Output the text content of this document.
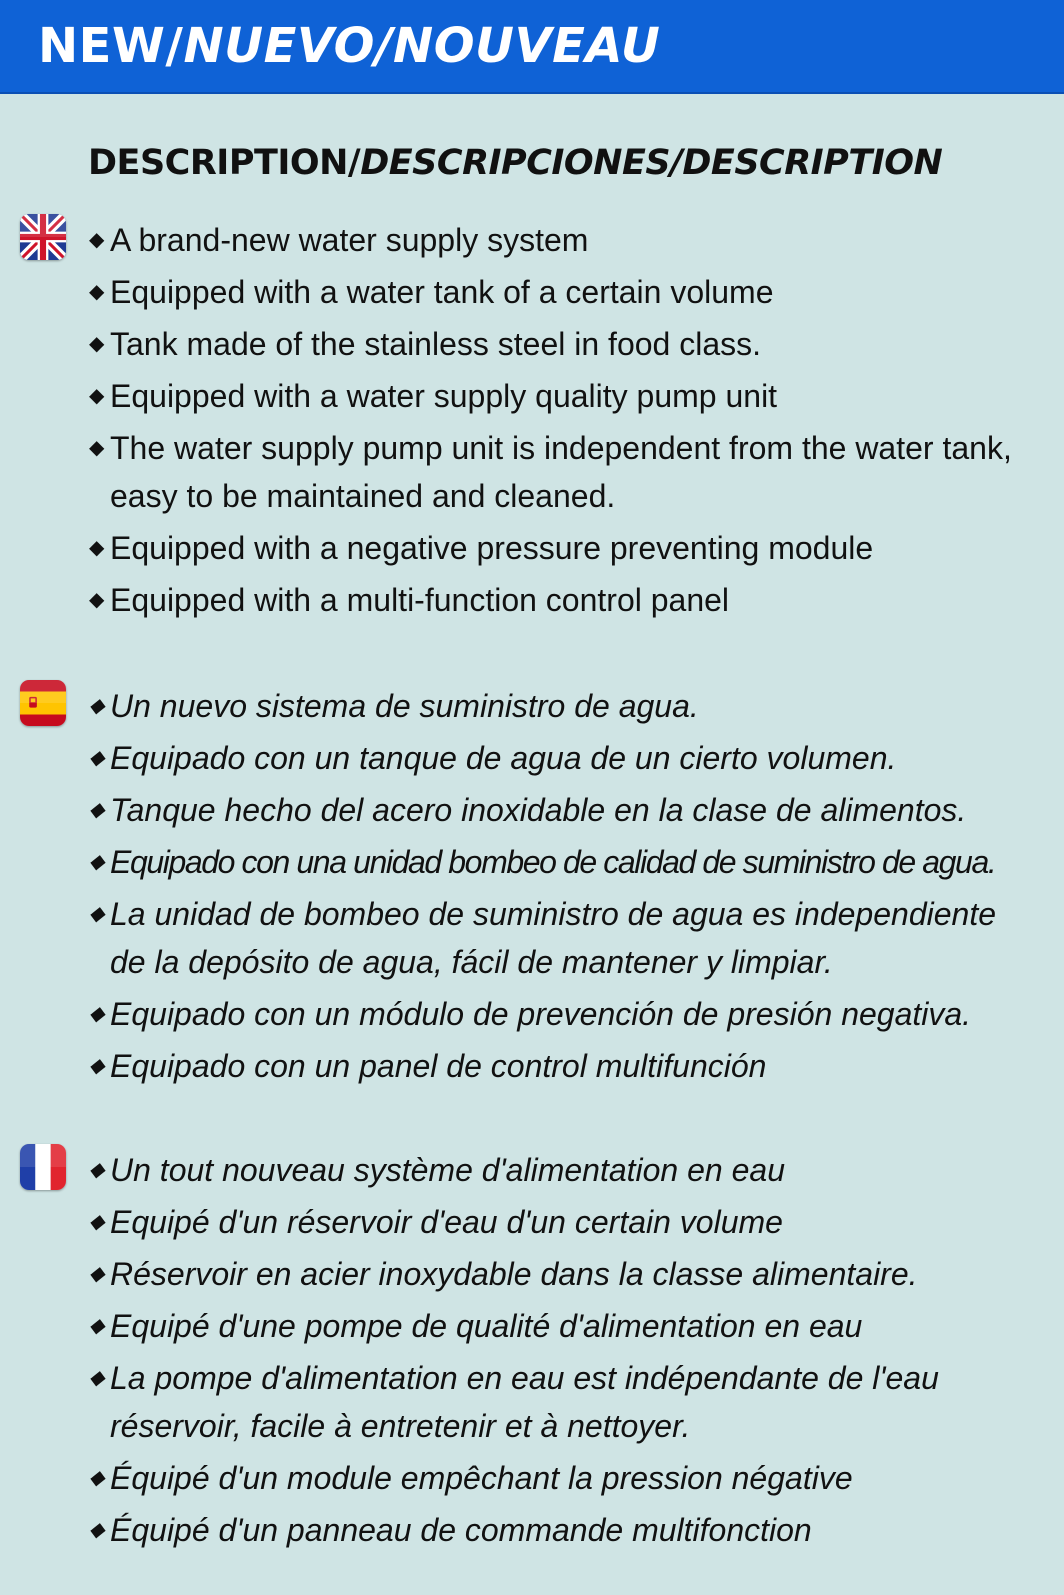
NEW/NUEVO/NOUVEAU
DESCRIPTION/DESCRIPCIONES/DESCRIPTION
◆ A brand-new water supply system
◆ Equipped with a water tank of a certain volume
◆ Tank made of the stainless steel in food class.
◆ Equipped with a water supply quality pump unit
◆ The water supply pump unit is independent from the water tank, easy to be maintained and cleaned.
◆ Equipped with a negative pressure preventing module
◆ Equipped with a multi-function control panel
◆ Un nuevo sistema de suministro de agua.
◆ Equipado con un tanque de agua de un cierto volumen.
◆ Tanque hecho del acero inoxidable en la clase de alimentos.
◆ Equipado con una unidad bombeo de calidad de suministro de agua.
◆ La unidad de bombeo de suministro de agua es independiente de la depósito de agua, fácil de mantener y limpiar.
◆ Equipado con un módulo de prevención de presión negativa.
◆ Equipado con un panel de control multifunción
◆ Un tout nouveau système d'alimentation en eau
◆ Equipé d'un réservoir d'eau d'un certain volume
◆ Réservoir en acier inoxydable dans la classe alimentaire.
◆ Equipé d'une pompe de qualité d'alimentation en eau
◆ La pompe d'alimentation en eau est indépendante de l'eau réservoir, facile à entretenir et à nettoyer.
◆ Équipé d'un module empêchant la pression négative
◆ Équipé d'un panneau de commande multifonction
